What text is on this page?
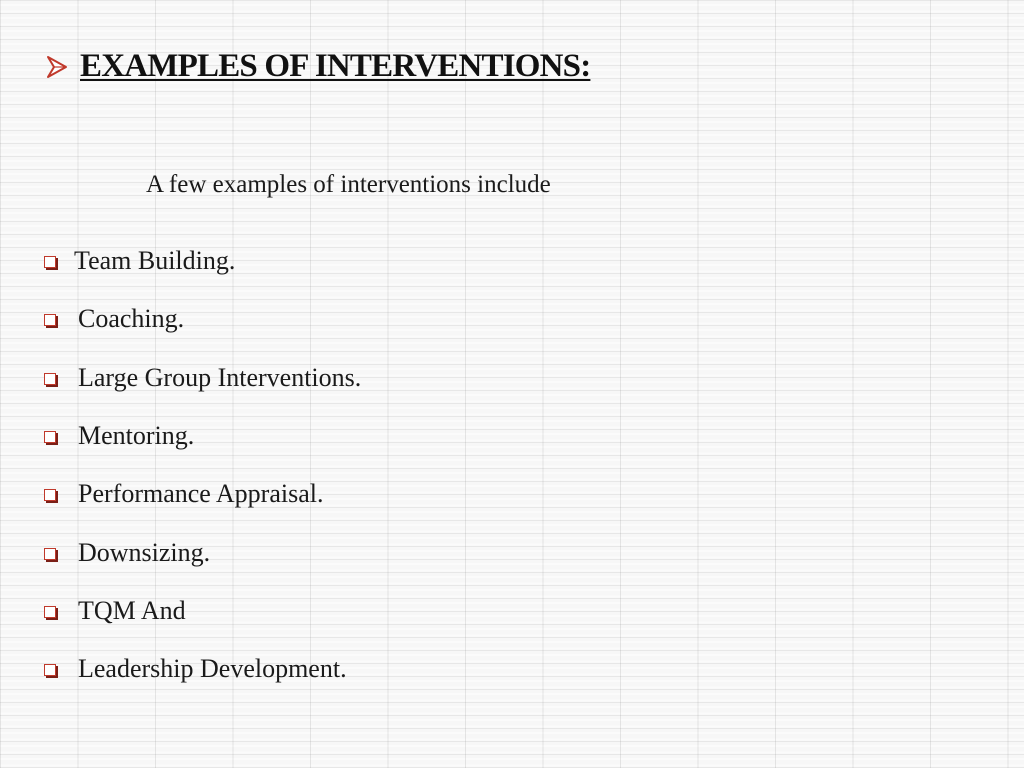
EXAMPLES OF INTERVENTIONS:
A few examples of interventions include
Team Building.
Coaching.
Large Group Interventions.
Mentoring.
Performance Appraisal.
Downsizing.
TQM And
Leadership Development.
